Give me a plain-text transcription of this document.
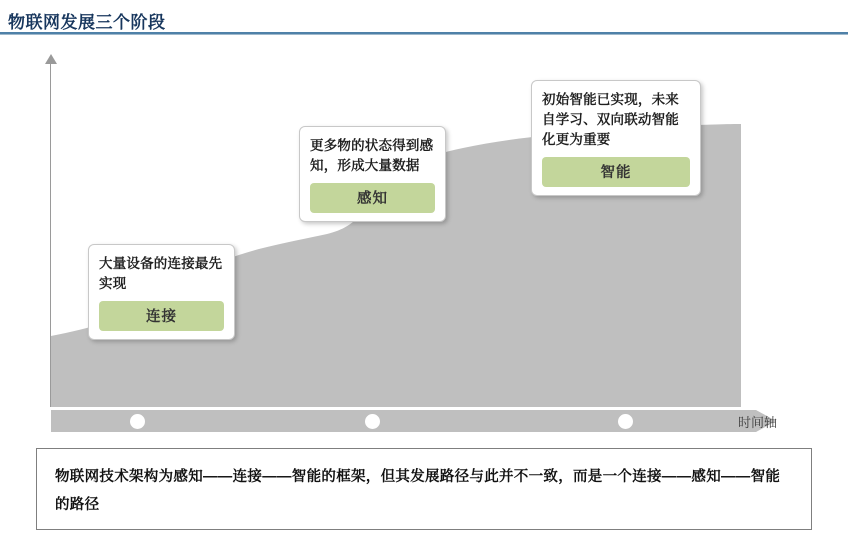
物联网发展三个阶段
时间轴
大量设备的连接最先实现
连接
更多物的状态得到感知，形成大量数据
感知
初始智能已实现，未来自学习、双向联动智能化更为重要
智能
物联网技术架构为感知——连接——智能的框架，但其发展路径与此并不一致，而是一个连接——感知——智能的路径
